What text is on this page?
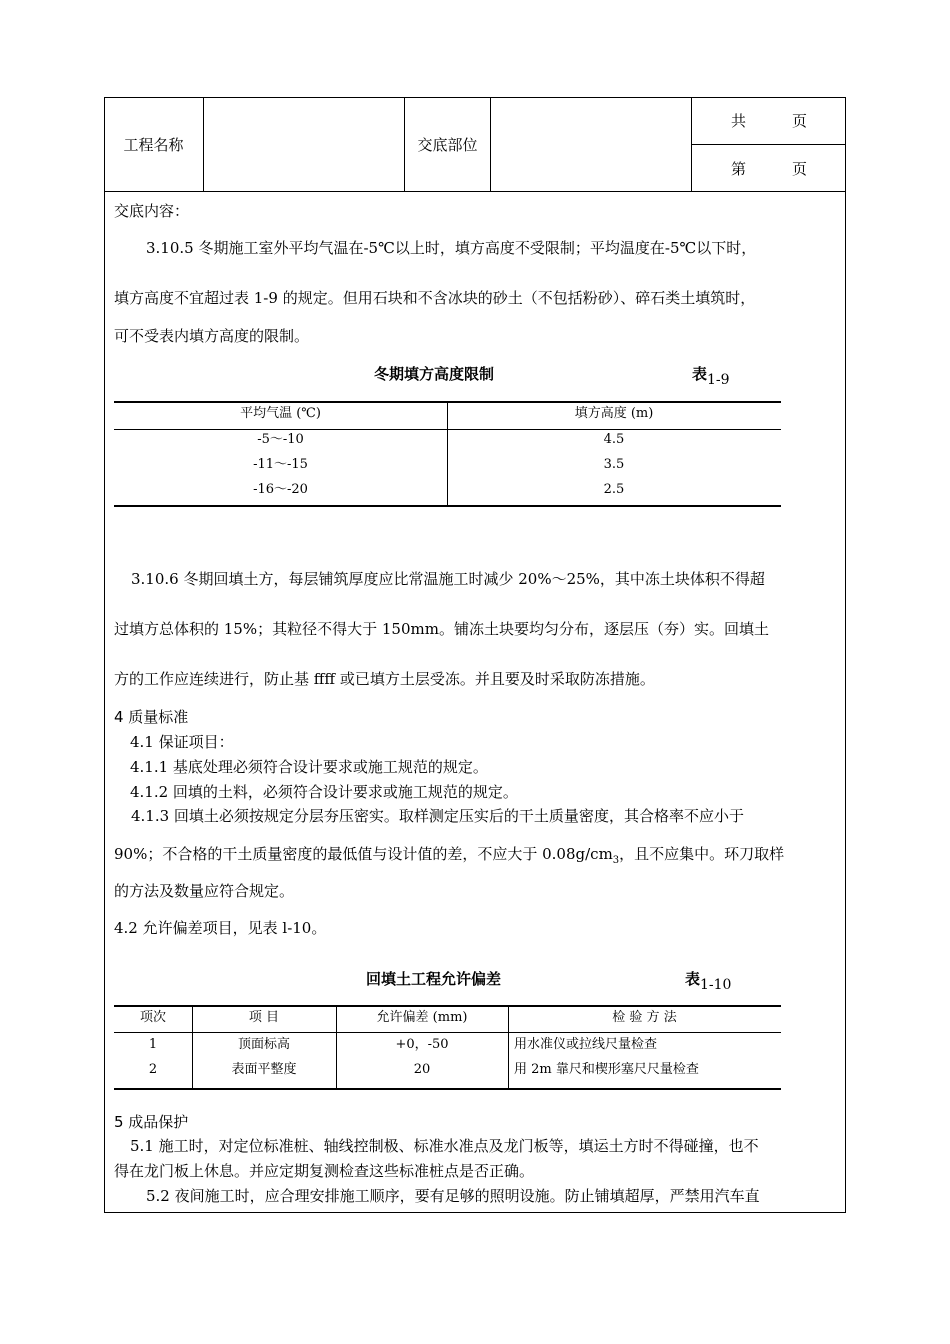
工程名称	交底部位
共	页
第	页
交底内容：
3.10.5 冬期施工室外平均气温在-5℃以上时，填方高度不受限制；平均温度在-5℃以下时，
填方高度不宜超过表 1-9 的规定。但用石块和不含冰块的砂土（不包括粉砂）、碎石类土填筑时，
可不受表内填方高度的限制。
冬期填方高度限制	表1-9
平均气温 (℃)	填方高度 (m)
-5～-10	4.5
-11～-15	3.5
-16～-20	2.5
3.10.6 冬期回填土方，每层铺筑厚度应比常温施工时减少 20%～25%，其中冻土块体积不得超
过填方总体积的 15%；其粒径不得大于 150mm。铺冻土块要均匀分布，逐层压（夯）实。回填土
方的工作应连续进行，防止基 ffff 或已填方土层受冻。并且要及时采取防冻措施。
4 质量标准
4.1 保证项目：
4.1.1 基底处理必须符合设计要求或施工规范的规定。
4.1.2 回填的土料，必须符合设计要求或施工规范的规定。
4.1.3 回填土必须按规定分层夯压密实。取样测定压实后的干土质量密度，其合格率不应小于
90%；不合格的干土质量密度的最低值与设计值的差，不应大于 $0.08g/cm_3$，且不应集中。环刀取样
的方法及数量应符合规定。
4.2 允许偏差项目，见表 l-10。
回填土工程允许偏差	表1-10
项次	项 目	允许偏差 (mm)	检 验 方 法
1	顶面标高	+0，-50	用水准仪或拉线尺量检查
2	表面平整度	20	用 2m 靠尺和楔形塞尺尺量检查
5 成品保护
5.1 施工时，对定位标准桩、轴线控制极、标准水准点及龙门板等，填运土方时不得碰撞，也不
得在龙门板上休息。并应定期复测检查这些标准桩点是否正确。
5.2 夜间施工时，应合理安排施工顺序，要有足够的照明设施。防止铺填超厚，严禁用汽车直
